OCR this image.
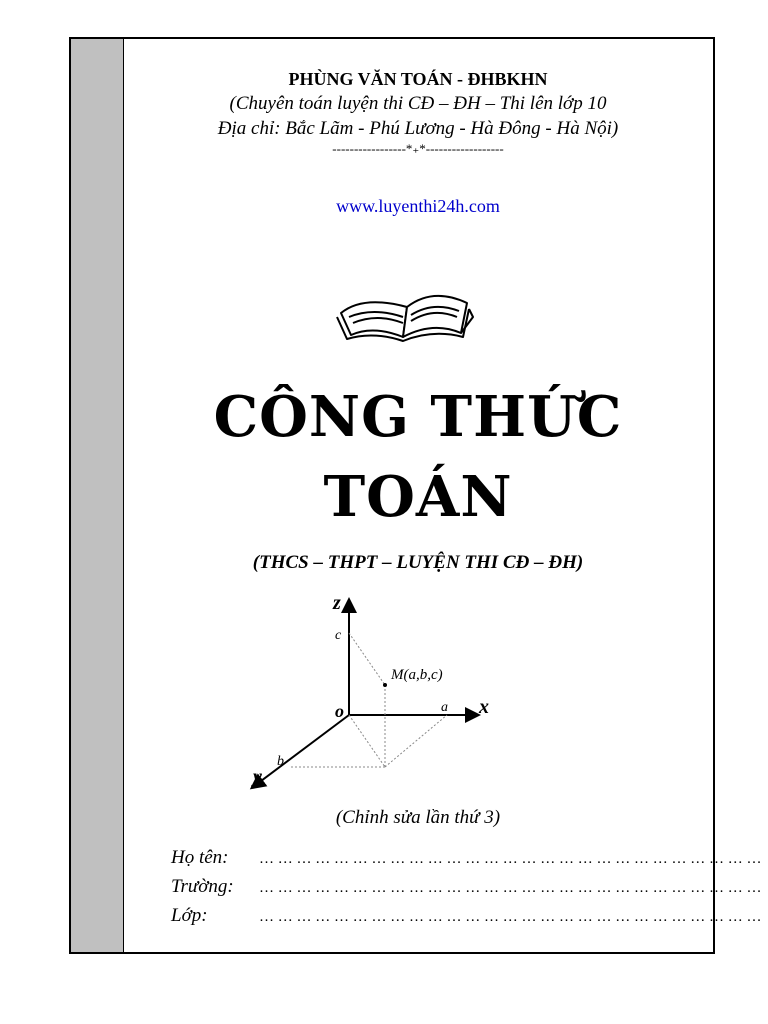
PHÙNG VĂN TOÁN - ĐHBKHN
(Chuyên toán luyện thi CĐ – ĐH – Thi lên lớp 10
Địa chỉ: Bắc Lãm - Phú Lương - Hà Đông - Hà Nội)
-----------------*₊*------------------
www.luyenthi24h.com
CÔNG THỨC
TOÁN
(THCS – THPT – LUYỆN THI CĐ – ĐH)
z
c
M(a,b,c)
o	a x
b
y
(Chỉnh sửa lần thứ 3)
Họ tên: … … … … … … … … … … … … … … … … … … … … … … … … … … …
Trường: … … … … … … … … … … … … … … … … … … … … … … … … … … …
Lớp:	… … … … … … … … … … … … … … … … … … … … … … … … … … …
